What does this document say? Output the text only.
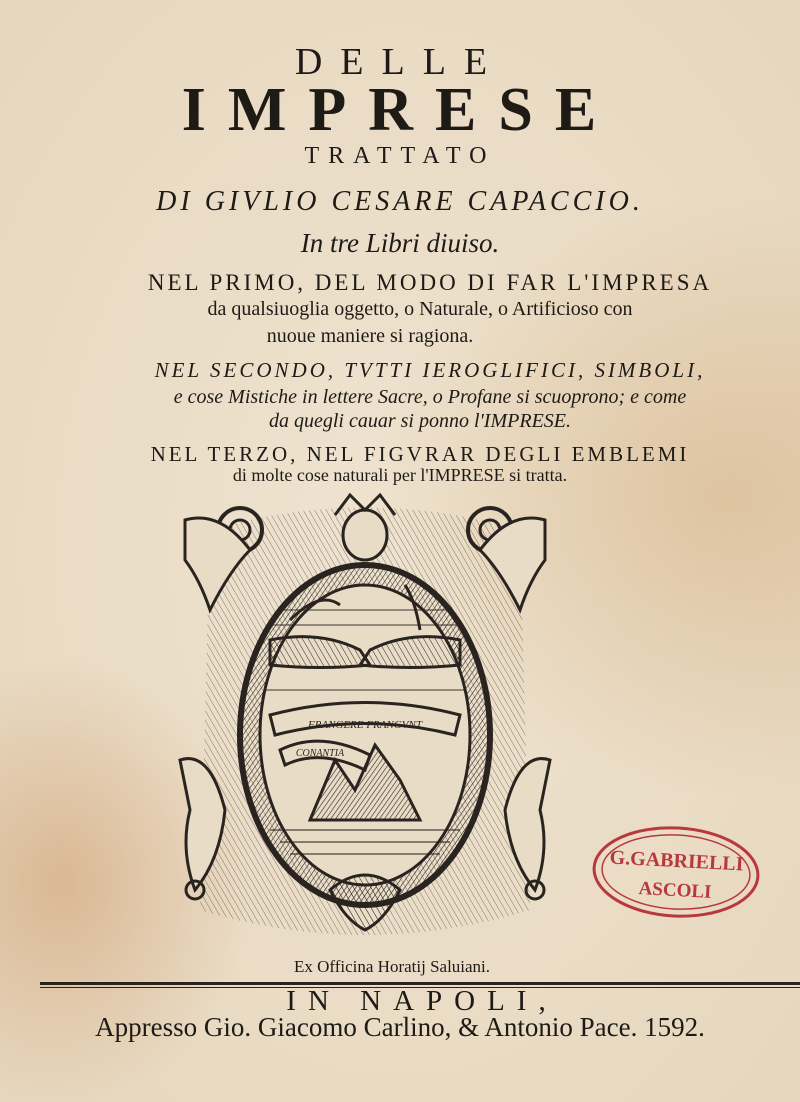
DELLE
IMPRESE
TRATTATO
DI GIVLIO CESARE CAPACCIO.
In tre Libri diuiso.
NEL PRIMO, DEL MODO DI FAR L'IMPRESA
da qualsiuoglia oggetto, o Naturale, o Artificioso con
nuoue maniere si ragiona.
NEL SECONDO, TVTTI IEROGLIFICI, SIMBOLI,
e cose Mistiche in lettere Sacre, o Profane si scuoprono; e come
da quegli cauar si ponno l'IMPRESE.
NEL TERZO, NEL FIGVRAR DEGLI EMBLEMI
di molte cose naturali per l'IMPRESE si tratta.
FRANGERE FRANGVNT
CONANTIA
Ex Officina Horatij Saluiani.
IN NAPOLI,
Appresso Gio. Giacomo Carlino, & Antonio Pace. 1592.
G.GABRIELLI
ASCOLI
